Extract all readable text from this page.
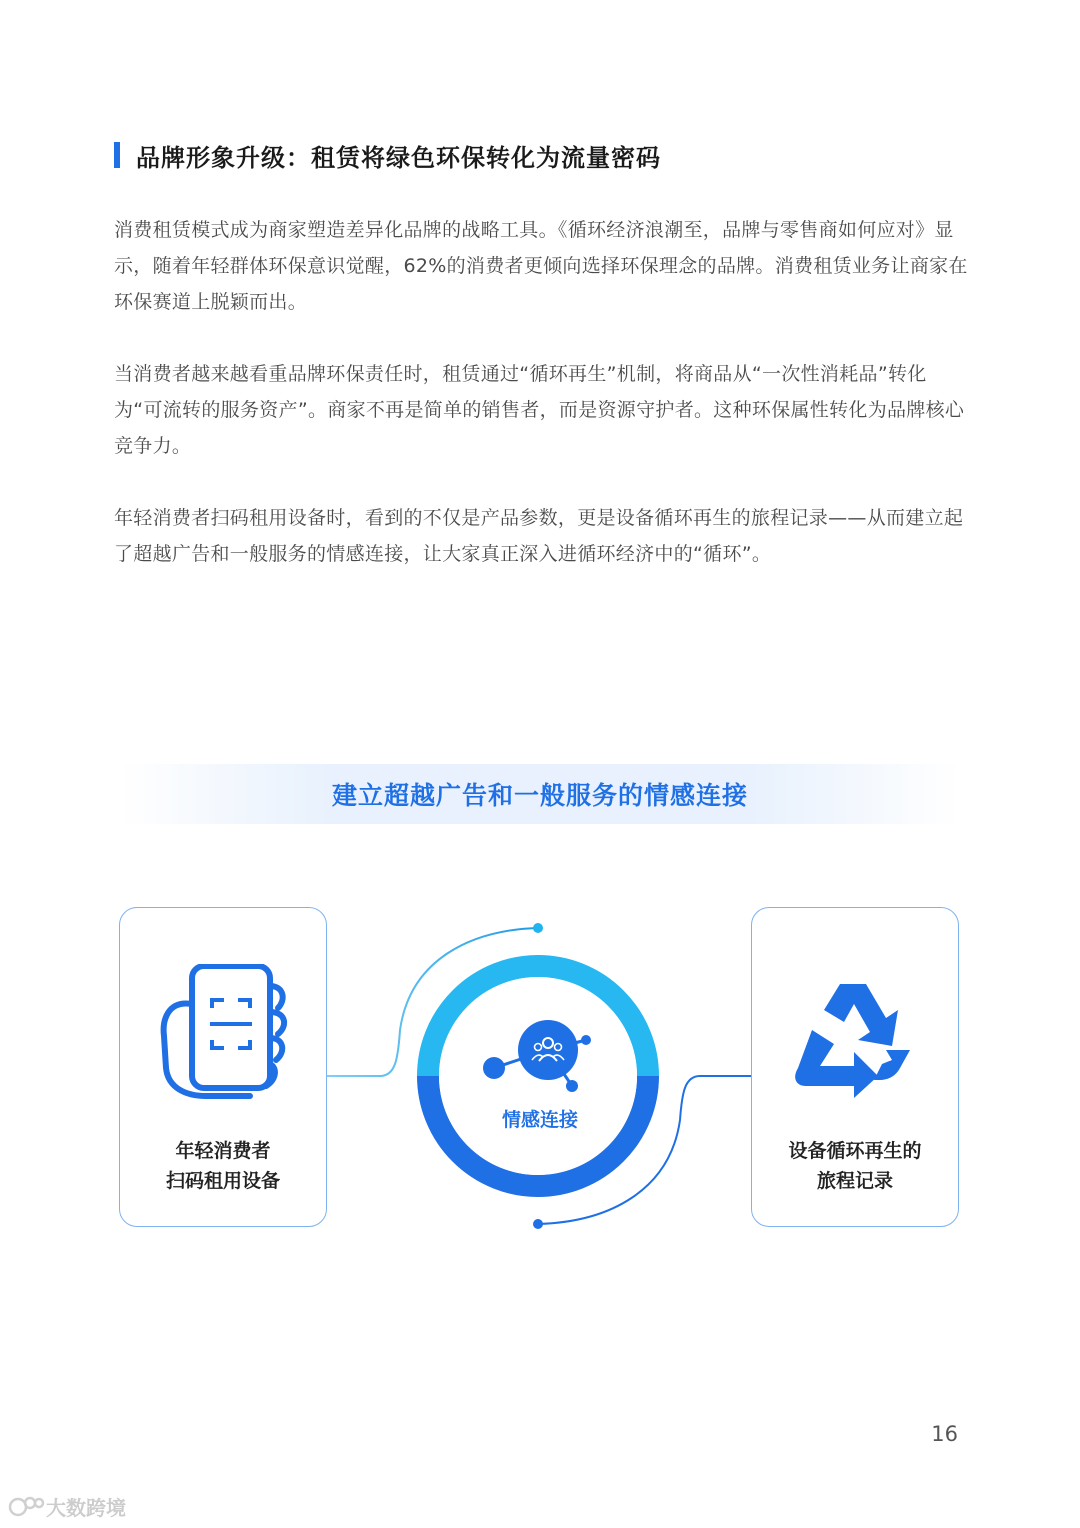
品牌形象升级：租赁将绿色环保转化为流量密码

消费租赁模式成为商家塑造差异化品牌的战略工具。《循环经济浪潮至，品牌与零售商如何应对》显示，随着年轻群体环保意识觉醒，62%的消费者更倾向选择环保理念的品牌。消费租赁业务让商家在环保赛道上脱颖而出。

当消费者越来越看重品牌环保责任时，租赁通过“循环再生”机制，将商品从“一次性消耗品”转化为“可流转的服务资产”。商家不再是简单的销售者，而是资源守护者。这种环保属性转化为品牌核心竞争力。

年轻消费者扫码租用设备时，看到的不仅是产品参数，更是设备循环再生的旅程记录——从而建立起了超越广告和一般服务的情感连接，让大家真正深入进循环经济中的“循环”。

建立超越广告和一般服务的情感连接
情感连接
年轻消费者
扫码租用设备
设备循环再生的
旅程记录
16
大数跨境
